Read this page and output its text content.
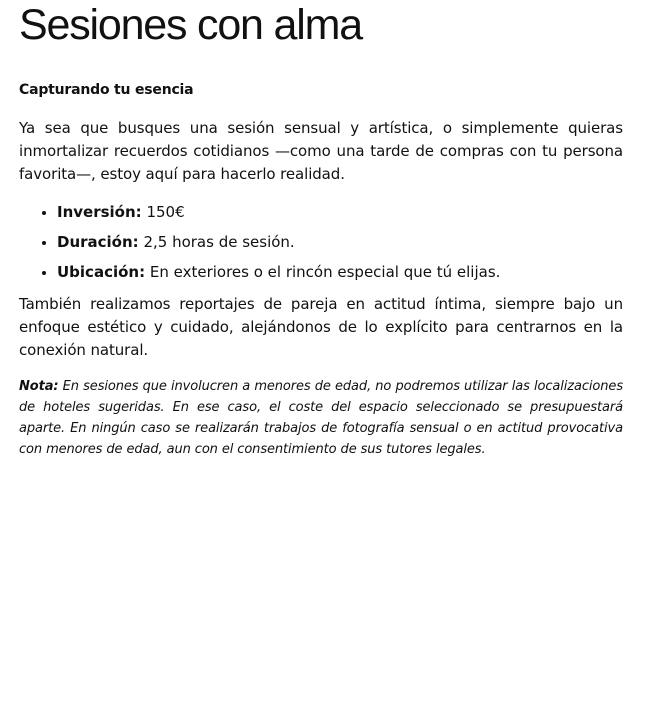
Sesiones con alma
Capturando tu esencia

Ya sea que busques una sesión sensual y artística, o simplemente quieras inmortalizar recuerdos cotidianos —como una tarde de compras con tu persona favorita—, estoy aquí para hacerlo realidad.

Inversión: 150€
Duración: 2,5 horas de sesión.
Ubicación: En exteriores o el rincón especial que tú elijas.

También realizamos reportajes de pareja en actitud íntima, siempre bajo un enfoque estético y cuidado, alejándonos de lo explícito para centrarnos en la conexión natural.

Nota: En sesiones que involucren a menores de edad, no podremos utilizar las localizaciones de hoteles sugeridas. En ese caso, el coste del espacio seleccionado se presupuestará aparte. En ningún caso se realizarán trabajos de fotografía sensual o en actitud provocativa con menores de edad, aun con el consentimiento de sus tutores legales.
